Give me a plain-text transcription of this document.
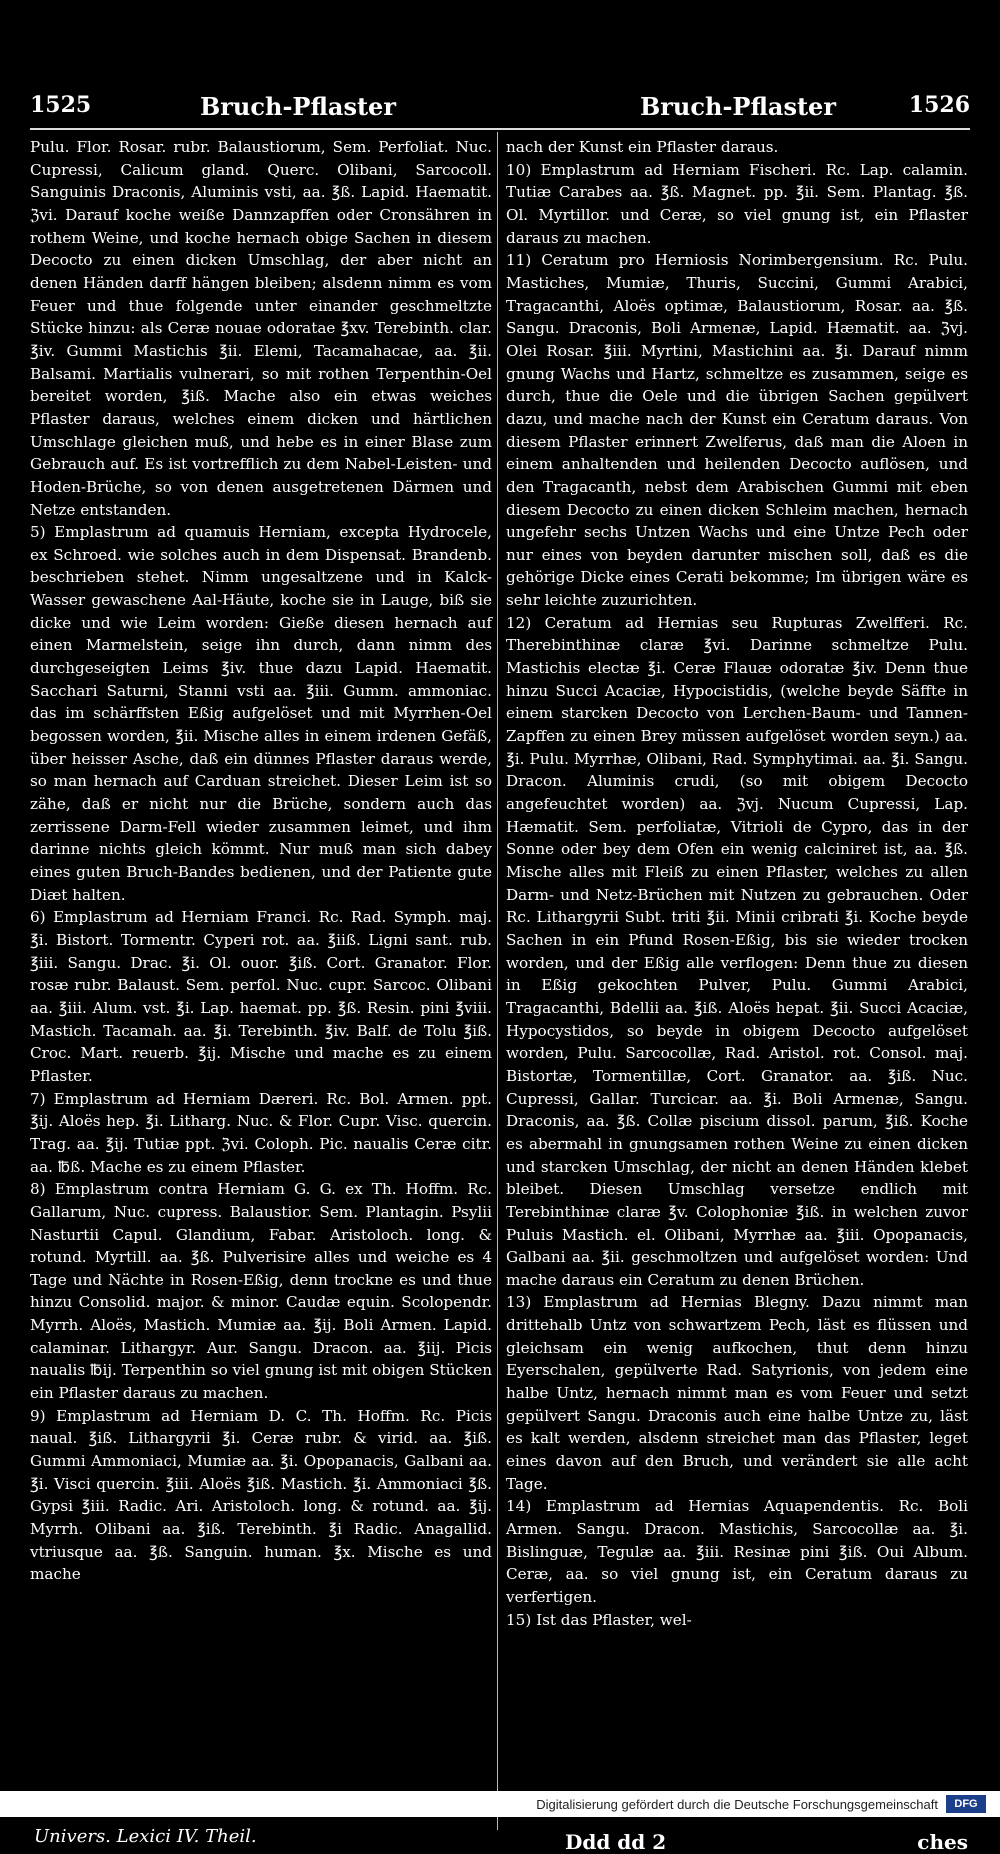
1525	Bruch-Pflaster	Bruch-Pflaster	1526

Pulu. Flor. Rosar. rubr. Balaustiorum, Sem. Perfoliat. Nuc. Cupressi, Calicum gland. Querc. Olibani, Sarcocoll. Sanguinis Draconis, Aluminis vsti, aa. ℥ß. Lapid. Haematit. ℨvi. Darauf koche weiße Dannzapffen oder Cronsähren in rothem Weine, und koche hernach obige Sachen in diesem Decocto zu einen dicken Umschlag, der aber nicht an denen Händen darff hängen bleiben; alsdenn nimm es vom Feuer und thue folgende unter einander geschmeltzte Stücke hinzu: als Ceræ nouae odoratae ℥xv. Terebinth. clar. ℥iv. Gummi Mastichis ℥ii. Elemi, Tacamahacae, aa. ℥ii. Balsami. Martialis vulnerari, so mit rothen Terpenthin-Oel bereitet worden, ℥iß. Mache also ein etwas weiches Pflaster daraus, welches einem dicken und härtlichen Umschlage gleichen muß, und hebe es in einer Blase zum Gebrauch auf. Es ist vortrefflich zu dem Nabel-Leisten- und Hoden-Brüche, so von denen ausgetretenen Därmen und Netze entstanden.

5) Emplastrum ad quamuis Herniam, excepta Hydrocele, ex Schroed. wie solches auch in dem Dispensat. Brandenb. beschrieben stehet. Nimm ungesaltzene und in Kalck-Wasser gewaschene Aal-Häute, koche sie in Lauge, biß sie dicke und wie Leim worden: Gieße diesen hernach auf einen Marmelstein, seige ihn durch, dann nimm des durchgeseigten Leims ℥iv. thue dazu Lapid. Haematit. Sacchari Saturni, Stanni vsti aa. ℥iii. Gumm. ammoniac. das im schärffsten Eßig aufgelöset und mit Myrrhen-Oel begossen worden, ℥ii. Mische alles in einem irdenen Gefäß, über heisser Asche, daß ein dünnes Pflaster daraus werde, so man hernach auf Carduan streichet. Dieser Leim ist so zähe, daß er nicht nur die Brüche, sondern auch das zerrissene Darm-Fell wieder zusammen leimet, und ihm darinne nichts gleich kömmt. Nur muß man sich dabey eines guten Bruch-Bandes bedienen, und der Patiente gute Diæt halten.

6) Emplastrum ad Herniam Franci. Rc. Rad. Symph. maj. ℥i. Bistort. Tormentr. Cyperi rot. aa. ℥iiß. Ligni sant. rub. ℥iii. Sangu. Drac. ℥i. Ol. ouor. ℥iß. Cort. Granator. Flor. rosæ rubr. Balaust. Sem. perfol. Nuc. cupr. Sarcoc. Olibani aa. ℥iii. Alum. vst. ℥i. Lap. haemat. pp. ℥ß. Resin. pini ℥viii. Mastich. Tacamah. aa. ℥i. Terebinth. ℥iv. Balf. de Tolu ℥iß. Croc. Mart. reuerb. ℥ij. Mische und mache es zu einem Pflaster.

7) Emplastrum ad Herniam Dæreri. Rc. Bol. Armen. ppt. ℥ij. Aloës hep. ℥i. Litharg. Nuc. & Flor. Cupr. Visc. quercin. Trag. aa. ℥ij. Tutiæ ppt. ℨvi. Coloph. Pic. naualis Ceræ citr. aa. ℔ß. Mache es zu einem Pflaster.

8) Emplastrum contra Herniam G. G. ex Th. Hoffm. Rc. Gallarum, Nuc. cupress. Balaustior. Sem. Plantagin. Psylii Nasturtii Capul. Glandium, Fabar. Aristoloch. long. & rotund. Myrtill. aa. ℥ß. Pulverisire alles und weiche es 4 Tage und Nächte in Rosen-Eßig, denn trockne es und thue hinzu Consolid. major. & minor. Caudæ equin. Scolopendr. Myrrh. Aloës, Mastich. Mumiæ aa. ℥ij. Boli Armen. Lapid. calaminar. Lithargyr. Aur. Sangu. Dracon. aa. ℥iij. Picis naualis ℔ij. Terpenthin so viel gnung ist mit obigen Stücken ein Pflaster daraus zu machen.

9) Emplastrum ad Herniam D. C. Th. Hoffm. Rc. Picis naual. ℥iß. Lithargyrii ℥i. Ceræ rubr. & virid. aa. ℥iß. Gummi Ammoniaci, Mumiæ aa. ℥i. Opopanacis, Galbani aa. ℥i. Visci quercin. ℥iii. Aloës ℥iß. Mastich. ℥i. Ammoniaci ℥ß. Gypsi ℥iii. Radic. Ari. Aristoloch. long. & rotund. aa. ℥ij. Myrrh. Olibani aa. ℥iß. Terebinth. ℥i Radic. Anagallid. vtriusque aa. ℥ß. Sanguin. human. ℥x. Mische es und mache

nach der Kunst ein Pflaster daraus.

10) Emplastrum ad Herniam Fischeri. Rc. Lap. calamin. Tutiæ Carabes aa. ℥ß. Magnet. pp. ℥ii. Sem. Plantag. ℥ß. Ol. Myrtillor. und Ceræ, so viel gnung ist, ein Pflaster daraus zu machen.

11) Ceratum pro Herniosis Norimbergensium. Rc. Pulu. Mastiches, Mumiæ, Thuris, Succini, Gummi Arabici, Tragacanthi, Aloës optimæ, Balaustiorum, Rosar. aa. ℥ß. Sangu. Draconis, Boli Armenæ, Lapid. Hæmatit. aa. ℨvj. Olei Rosar. ℥iii. Myrtini, Mastichini aa. ℥i. Darauf nimm gnung Wachs und Hartz, schmeltze es zusammen, seige es durch, thue die Oele und die übrigen Sachen gepülvert dazu, und mache nach der Kunst ein Ceratum daraus. Von diesem Pflaster erinnert Zwelferus, daß man die Aloen in einem anhaltenden und heilenden Decocto auflösen, und den Tragacanth, nebst dem Arabischen Gummi mit eben diesem Decocto zu einen dicken Schleim machen, hernach ungefehr sechs Untzen Wachs und eine Untze Pech oder nur eines von beyden darunter mischen soll, daß es die gehörige Dicke eines Cerati bekomme; Im übrigen wäre es sehr leichte zuzurichten.

12) Ceratum ad Hernias seu Rupturas Zwelfferi. Rc. Therebinthinæ claræ ℥vi. Darinne schmeltze Pulu. Mastichis electæ ℥i. Ceræ Flauæ odoratæ ℥iv. Denn thue hinzu Succi Acaciæ, Hypocistidis, (welche beyde Säffte in einem starcken Decocto von Lerchen-Baum- und Tannen-Zapffen zu einen Brey müssen aufgelöset worden seyn.) aa. ℥i. Pulu. Myrrhæ, Olibani, Rad. Symphytimai. aa. ℥i. Sangu. Dracon. Aluminis crudi, (so mit obigem Decocto angefeuchtet worden) aa. ℨvj. Nucum Cupressi, Lap. Hæmatit. Sem. perfoliatæ, Vitrioli de Cypro, das in der Sonne oder bey dem Ofen ein wenig calciniret ist, aa. ℥ß. Mische alles mit Fleiß zu einen Pflaster, welches zu allen Darm- und Netz-Brüchen mit Nutzen zu gebrauchen. Oder Rc. Lithargyrii Subt. triti ℥ii. Minii cribrati ℥i. Koche beyde Sachen in ein Pfund Rosen-Eßig, bis sie wieder trocken worden, und der Eßig alle verflogen: Denn thue zu diesen in Eßig gekochten Pulver, Pulu. Gummi Arabici, Tragacanthi, Bdellii aa. ℥iß. Aloës hepat. ℥ii. Succi Acaciæ, Hypocystidos, so beyde in obigem Decocto aufgelöset worden, Pulu. Sarcocollæ, Rad. Aristol. rot. Consol. maj. Bistortæ, Tormentillæ, Cort. Granator. aa. ℥iß. Nuc. Cupressi, Gallar. Turcicar. aa. ℥i. Boli Armenæ, Sangu. Draconis, aa. ℥ß. Collæ piscium dissol. parum, ℥iß. Koche es abermahl in gnungsamen rothen Weine zu einen dicken und starcken Umschlag, der nicht an denen Händen klebet bleibet. Diesen Umschlag versetze endlich mit Terebinthinæ claræ ℥v. Colophoniæ ℥iß. in welchen zuvor Puluis Mastich. el. Olibani, Myrrhæ aa. ℥iii. Opopanacis, Galbani aa. ℥ii. geschmoltzen und aufgelöset worden: Und mache daraus ein Ceratum zu denen Brüchen.

13) Emplastrum ad Hernias Blegny. Dazu nimmt man drittehalb Untz von schwartzem Pech, läst es flüssen und gleichsam ein wenig aufkochen, thut denn hinzu Eyerschalen, gepülverte Rad. Satyrionis, von jedem eine halbe Untz, hernach nimmt man es vom Feuer und setzt gepülvert Sangu. Draconis auch eine halbe Untze zu, läst es kalt werden, alsdenn streichet man das Pflaster, leget eines davon auf den Bruch, und verändert sie alle acht Tage.

14) Emplastrum ad Hernias Aquapendentis. Rc. Boli Armen. Sangu. Dracon. Mastichis, Sarcocollæ aa. ℥i. Bislinguæ, Tegulæ aa. ℥iii. Resinæ pini ℥iß. Oui Album. Ceræ, aa. so viel gnung ist, ein Ceratum daraus zu verfertigen.

15) Ist das Pflaster, wel-

Univers. Lexici IV. Theil.	Ddd dd 2	ches
Digitalisierung gefördert durch die Deutsche Forschungsgemeinschaft	DFG
